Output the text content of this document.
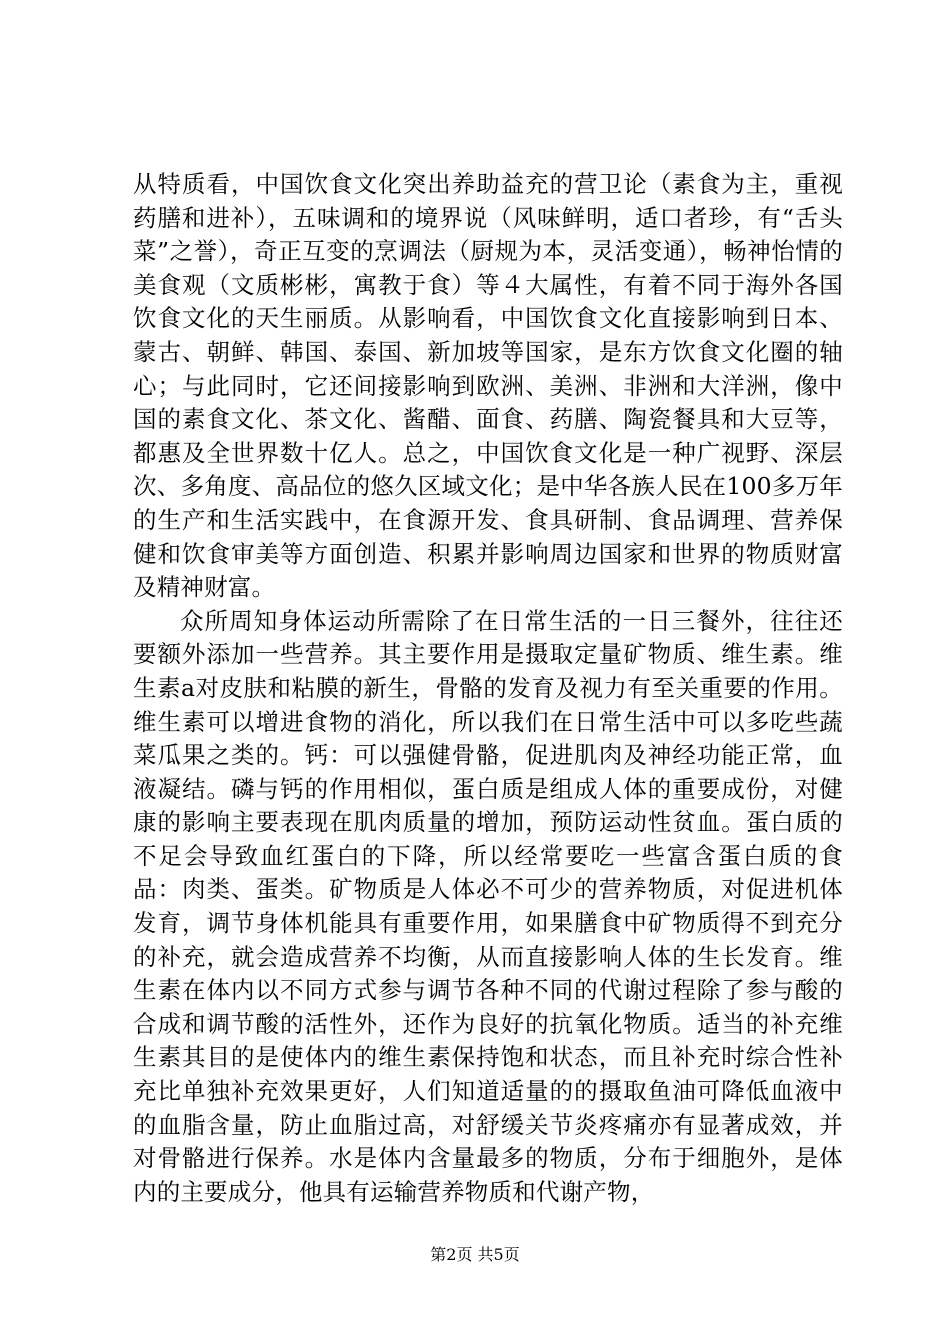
从特质看，中国饮食文化突出养助益充的营卫论（素食为主，重视药膳和进补），五味调和的境界说（风味鲜明，适口者珍，有“舌头菜”之誉），奇正互变的烹调法（厨规为本，灵活变通），畅神怡情的美食观（文质彬彬，寓教于食）等４大属性，有着不同于海外各国饮食文化的天生丽质。从影响看，中国饮食文化直接影响到日本、蒙古、朝鲜、韩国、泰国、新加坡等国家，是东方饮食文化圈的轴心；与此同时，它还间接影响到欧洲、美洲、非洲和大洋洲，像中国的素食文化、茶文化、酱醋、面食、药膳、陶瓷餐具和大豆等，都惠及全世界数十亿人。总之，中国饮食文化是一种广视野、深层次、多角度、高品位的悠久区域文化；是中华各族人民在100多万年的生产和生活实践中，在食源开发、食具研制、食品调理、营养保健和饮食审美等方面创造、积累并影响周边国家和世界的物质财富及精神财富。

众所周知身体运动所需除了在日常生活的一日三餐外，往往还要额外添加一些营养。其主要作用是摄取定量矿物质、维生素。维生素a对皮肤和粘膜的新生，骨骼的发育及视力有至关重要的作用。维生素可以增进食物的消化，所以我们在日常生活中可以多吃些蔬菜瓜果之类的。钙：可以强健骨骼，促进肌肉及神经功能正常，血液凝结。磷与钙的作用相似，蛋白质是组成人体的重要成份，对健康的影响主要表现在肌肉质量的增加，预防运动性贫血。蛋白质的不足会导致血红蛋白的下降，所以经常要吃一些富含蛋白质的食品：肉类、蛋类。矿物质是人体必不可少的营养物质，对促进机体发育，调节身体机能具有重要作用，如果膳食中矿物质得不到充分的补充，就会造成营养不均衡，从而直接影响人体的生长发育。维生素在体内以不同方式参与调节各种不同的代谢过程除了参与酸的合成和调节酸的活性外，还作为良好的抗氧化物质。适当的补充维生素其目的是使体内的维生素保持饱和状态，而且补充时综合性补充比单独补充效果更好，人们知道适量的的摄取鱼油可降低血液中的血脂含量，防止血脂过高，对舒缓关节炎疼痛亦有显著成效，并对骨骼进行保养。水是体内含量最多的物质，分布于细胞外，是体内的主要成分，他具有运输营养物质和代谢产物，

第2页 共5页
